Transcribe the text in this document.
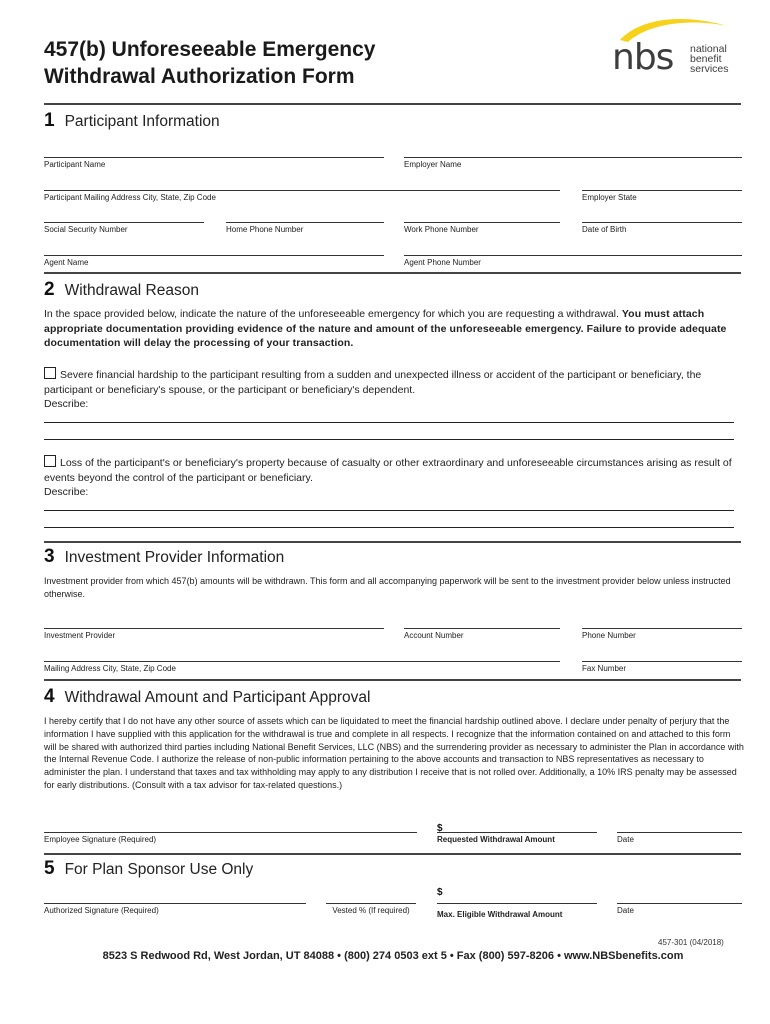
457(b) Unforeseeable Emergency
Withdrawal Authorization Form	nbs national
benefit
services
1 Participant Information
Participant Name	Employer Name
Participant Mailing Address City, State, Zip Code	Employer State
Social Security Number	Home Phone Number	Work Phone Number	Date of Birth
Agent Name	Agent Phone Number
2 Withdrawal Reason
In the space provided below, indicate the nature of the unforeseeable emergency for which you are requesting a withdrawal. You must attach appropriate documentation providing evidence of the nature and amount of the unforeseeable emergency. Failure to provide adequate documentation will delay the processing of your transaction.
Severe financial hardship to the participant resulting from a sudden and unexpected illness or accident of the participant or beneficiary, the participant or beneficiary's spouse, or the participant or beneficiary's dependent.
Describe:
Loss of the participant's or beneficiary's property because of casualty or other extraordinary and unforeseeable circumstances arising as result of events beyond the control of the participant or beneficiary.
Describe:
3 Investment Provider Information
Investment provider from which 457(b) amounts will be withdrawn. This form and all accompanying paperwork will be sent to the investment provider below unless instructed otherwise.
Investment Provider	Account Number	Phone Number
Mailing Address City, State, Zip Code	Fax Number
4 Withdrawal Amount and Participant Approval
I hereby certify that I do not have any other source of assets which can be liquidated to meet the financial hardship outlined above. I declare under penalty of perjury that the information I have supplied with this application for the withdrawal is true and complete in all respects. I recognize that the information contained on and attached to this form will be shared with authorized third parties including National Benefit Services, LLC (NBS) and the surrendering provider as necessary to administer the Plan in accordance with the Internal Revenue Code. I authorize the release of non-public information pertaining to the above accounts and transaction to NBS representatives as necessary to administer the plan. I understand that taxes and tax withholding may apply to any distribution I receive that is not rolled over. Additionally, a 10% IRS penalty may be assessed for early distributions. (Consult with a tax advisor for tax-related questions.)
$
Employee Signature (Required)	Requested Withdrawal Amount	Date
5 For Plan Sponsor Use Only
$
Authorized Signature (Required)	Vested % (If required)	Max. Eligible Withdrawal Amount	Date
457-301 (04/2018)
8523 S Redwood Rd, West Jordan, UT 84088 • (800) 274 0503 ext 5 • Fax (800) 597-8206 • www.NBSbenefits.com
